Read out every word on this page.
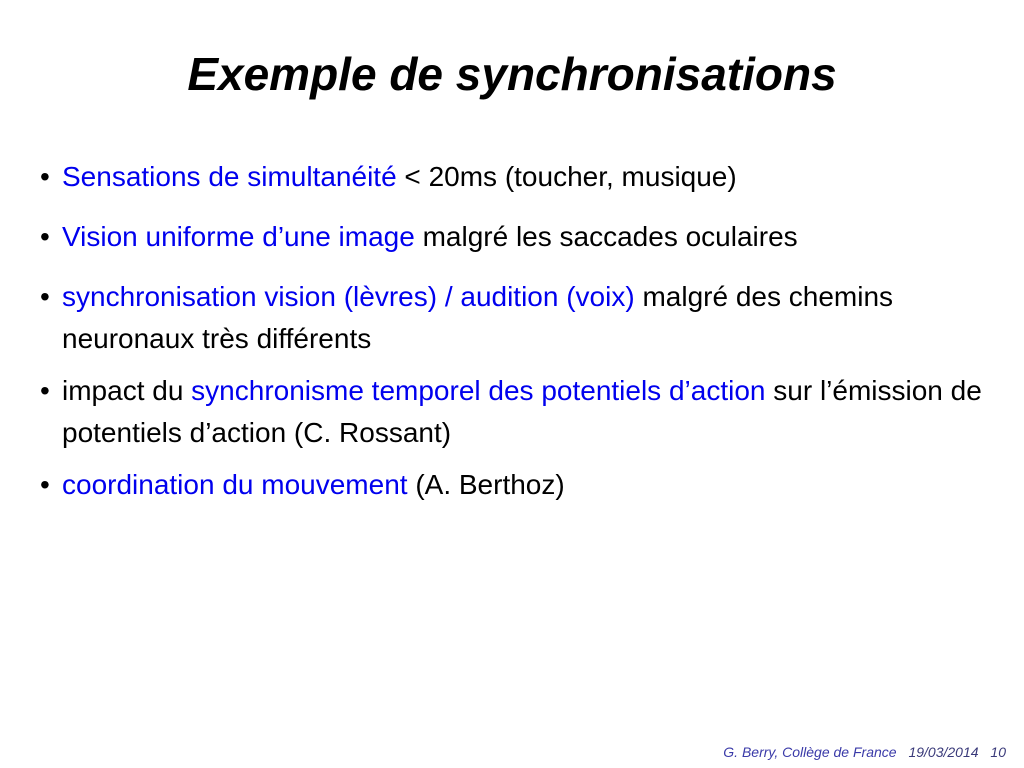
Exemple de synchronisations
• Sensations de simultanéité < 20ms (toucher, musique)
• Vision uniforme d’une image malgré les saccades oculaires
• synchronisation vision (lèvres) / audition (voix) malgré des chemins neuronaux très différents
• impact du synchronisme temporel des potentiels d’action sur l’émission de potentiels d’action (C. Rossant)
• coordination du mouvement (A. Berthoz)
G. Berry, Collège de France 19/03/2014 10
